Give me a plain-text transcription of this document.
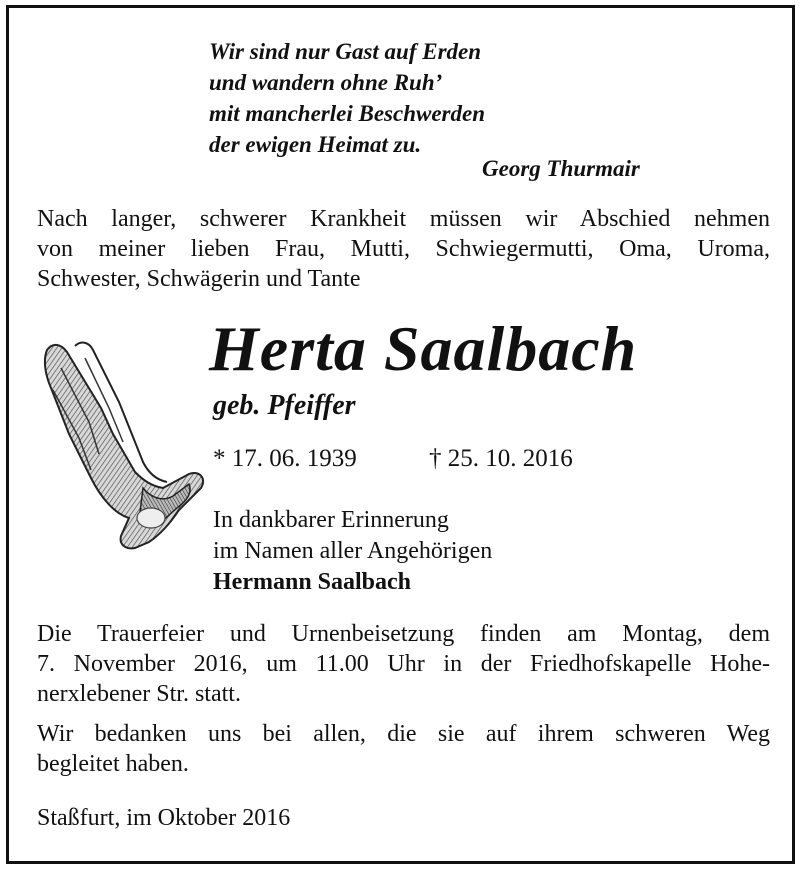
Wir sind nur Gast auf Erden
und wandern ohne Ruh’
mit mancherlei Beschwerden
der ewigen Heimat zu.
Georg Thurmair
Nach langer, schwerer Krankheit müssen wir Abschied nehmen
von meiner lieben Frau, Mutti, Schwiegermutti, Oma, Uroma,
Schwester, Schwägerin und Tante
Herta Saalbach
geb. Pfeiffer
* 17. 06. 1939	† 25. 10. 2016
In dankbarer Erinnerung
im Namen aller Angehörigen
Hermann Saalbach
Die Trauerfeier und Urnenbeisetzung finden am Montag, dem
7. November 2016, um 11.00 Uhr in der Friedhofskapelle Hohe-
nerxlebener Str. statt.
Wir bedanken uns bei allen, die sie auf ihrem schweren Weg
begleitet haben.
Staßfurt, im Oktober 2016
